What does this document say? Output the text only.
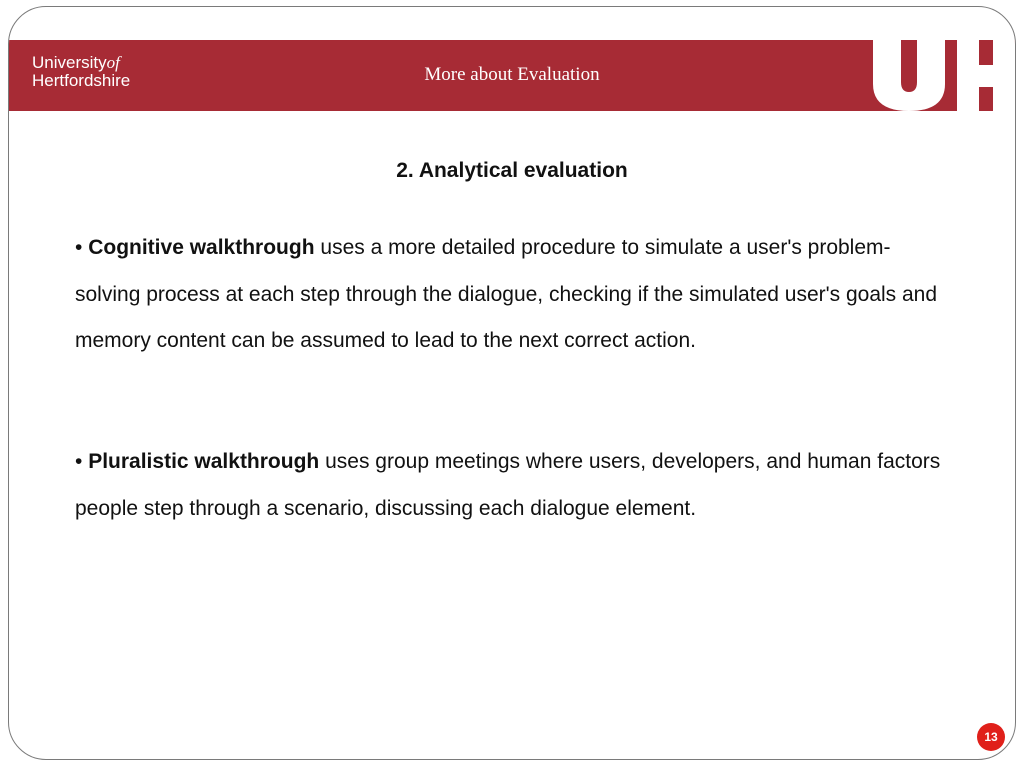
Universityof
Hertfordshire	More about Evaluation
2. Analytical evaluation

• Cognitive walkthrough uses a more detailed procedure to simulate a user's problem-solving process at each step through the dialogue, checking if the simulated user's goals and memory content can be assumed to lead to the next correct action.

• Pluralistic walkthrough uses group meetings where users, developers, and human factors people step through a scenario, discussing each dialogue element.

13
